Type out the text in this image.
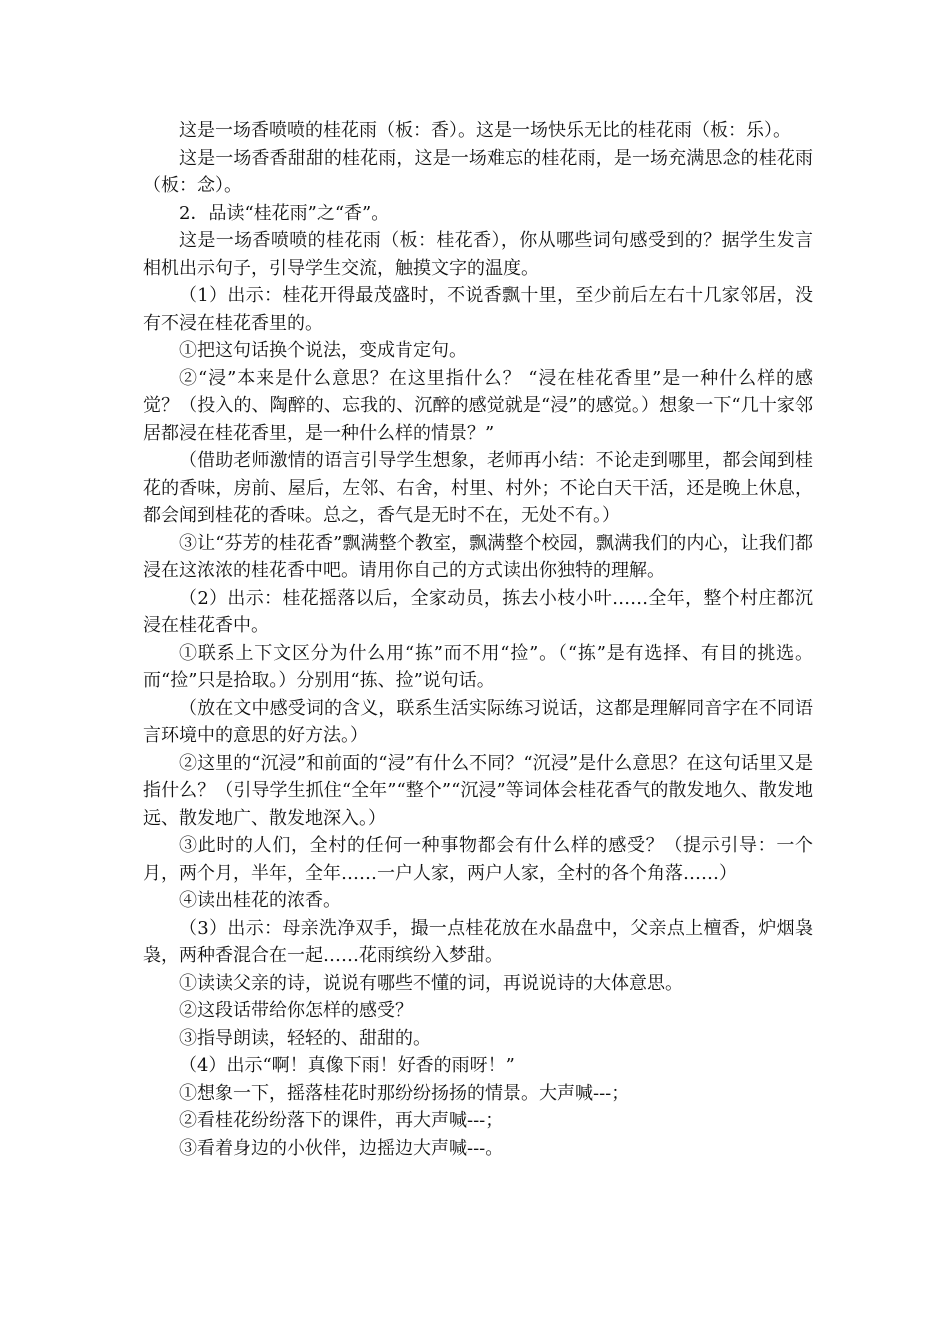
这是一场香喷喷的桂花雨（板：香）。这是一场快乐无比的桂花雨（板：乐）。

这是一场香香甜甜的桂花雨，这是一场难忘的桂花雨，是一场充满思念的桂花雨（板：念）。

2．品读“桂花雨”之“香”。

这是一场香喷喷的桂花雨（板：桂花香），你从哪些词句感受到的？据学生发言相机出示句子，引导学生交流，触摸文字的温度。

（1）出示：桂花开得最茂盛时，不说香飘十里，至少前后左右十几家邻居，没有不浸在桂花香里的。

①把这句话换个说法，变成肯定句。

②“浸”本来是什么意思？在这里指什么？ “浸在桂花香里”是一种什么样的感觉？（投入的、陶醉的、忘我的、沉醉的感觉就是“浸”的感觉。）想象一下“几十家邻居都浸在桂花香里，是一种什么样的情景？”

（借助老师激情的语言引导学生想象，老师再小结：不论走到哪里，都会闻到桂花的香味，房前、屋后，左邻、右舍，村里、村外；不论白天干活，还是晚上休息，都会闻到桂花的香味。总之，香气是无时不在，无处不有。）

③让“芬芳的桂花香”飘满整个教室，飘满整个校园，飘满我们的内心，让我们都浸在这浓浓的桂花香中吧。请用你自己的方式读出你独特的理解。

（2）出示：桂花摇落以后，全家动员，拣去小枝小叶……全年，整个村庄都沉浸在桂花香中。

①联系上下文区分为什么用“拣”而不用“捡”。（“拣”是有选择、有目的挑选。而“捡”只是拾取。）分别用“拣、捡”说句话。

（放在文中感受词的含义，联系生活实际练习说话，这都是理解同音字在不同语言环境中的意思的好方法。）

②这里的“沉浸”和前面的“浸”有什么不同？“沉浸”是什么意思？在这句话里又是指什么？（引导学生抓住“全年”“整个”“沉浸”等词体会桂花香气的散发地久、散发地远、散发地广、散发地深入。）

③此时的人们，全村的任何一种事物都会有什么样的感受？（提示引导：一个月，两个月，半年，全年……一户人家，两户人家，全村的各个角落……）

④读出桂花的浓香。

（3）出示：母亲洗净双手，撮一点桂花放在水晶盘中，父亲点上檀香，炉烟袅袅，两种香混合在一起……花雨缤纷入梦甜。

①读读父亲的诗，说说有哪些不懂的词，再说说诗的大体意思。

②这段话带给你怎样的感受？

③指导朗读，轻轻的、甜甜的。

（4）出示“啊！真像下雨！好香的雨呀！”

①想象一下，摇落桂花时那纷纷扬扬的情景。大声喊---；

②看桂花纷纷落下的课件，再大声喊---；

③看着身边的小伙伴，边摇边大声喊---。
